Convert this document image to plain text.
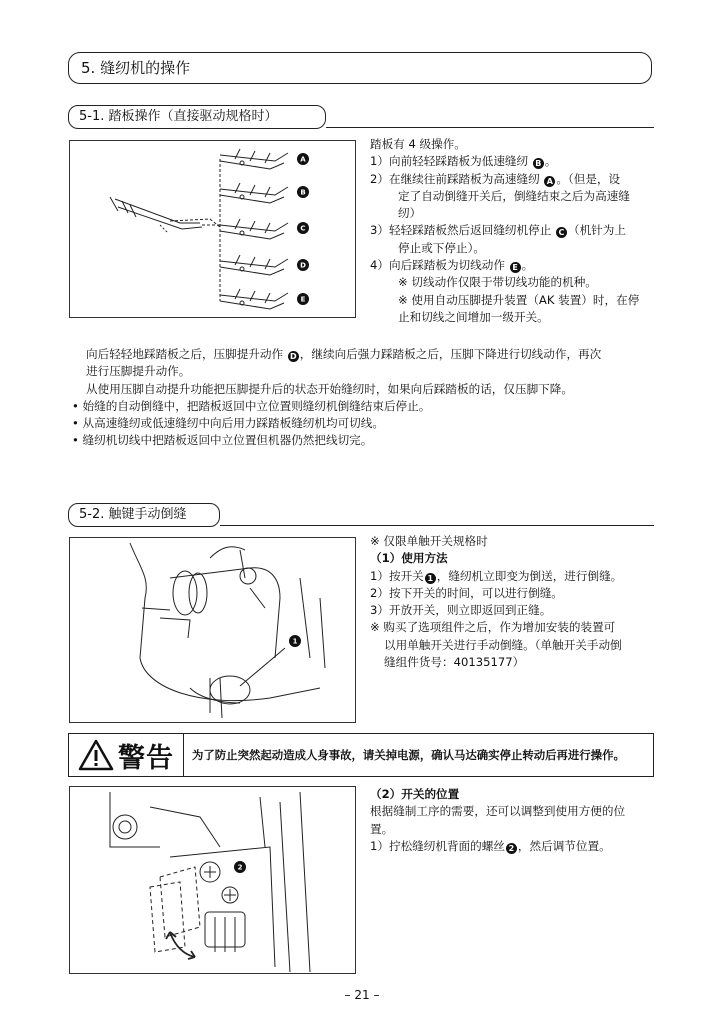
5. 缝纫机的操作
5-1. 踏板操作（直接驱动规格时）
A
B
C
D
E

踏板有 4 级操作。

1）向前轻轻踩踏板为低速缝纫 B 。

2）在继续往前踩踏板为高速缝纫 A 。（但是，设

定了自动倒缝开关后，倒缝结束之后为高速缝

纫）

3）轻轻踩踏板然后返回缝纫机停止 C （机针为上

停止或下停止）。

4）向后踩踏板为切线动作 E 。

※ 切线动作仅限于带切线功能的机种。

※ 使用自动压脚提升装置（AK 装置）时，在停

止和切线之间增加一级开关。

向后轻轻地踩踏板之后，压脚提升动作 D ，继续向后强力踩踏板之后，压脚下降进行切线动作，再次

进行压脚提升动作。

从使用压脚自动提升功能把压脚提升后的状态开始缝纫时，如果向后踩踏板的话，仅压脚下降。

• 始缝的自动倒缝中，把踏板返回中立位置则缝纫机倒缝结束后停止。

• 从高速缝纫或低速缝纫中向后用力踩踏板缝纫机均可切线。

• 缝纫机切线中把踏板返回中立位置但机器仍然把线切完。

5-2. 触键手动倒缝
1

※ 仅限单触开关规格时

（1）使用方法

1）按开关 1 ，缝纫机立即变为倒送，进行倒缝。

2）按下开关的时间，可以进行倒缝。

3）开放开关，则立即返回到正缝。

※ 购买了选项组件之后，作为增加安装的装置可

以用单触开关进行手动倒缝。（单触开关手动倒

缝组件货号：40135177）

警告	为了防止突然起动造成人身事故，请关掉电源，确认马达确实停止转动后再进行操作。
2

（2）开关的位置

根据缝制工序的需要，还可以调整到使用方便的位

置。

1）拧松缝纫机背面的螺丝 2 ，然后调节位置。

– 21 –
